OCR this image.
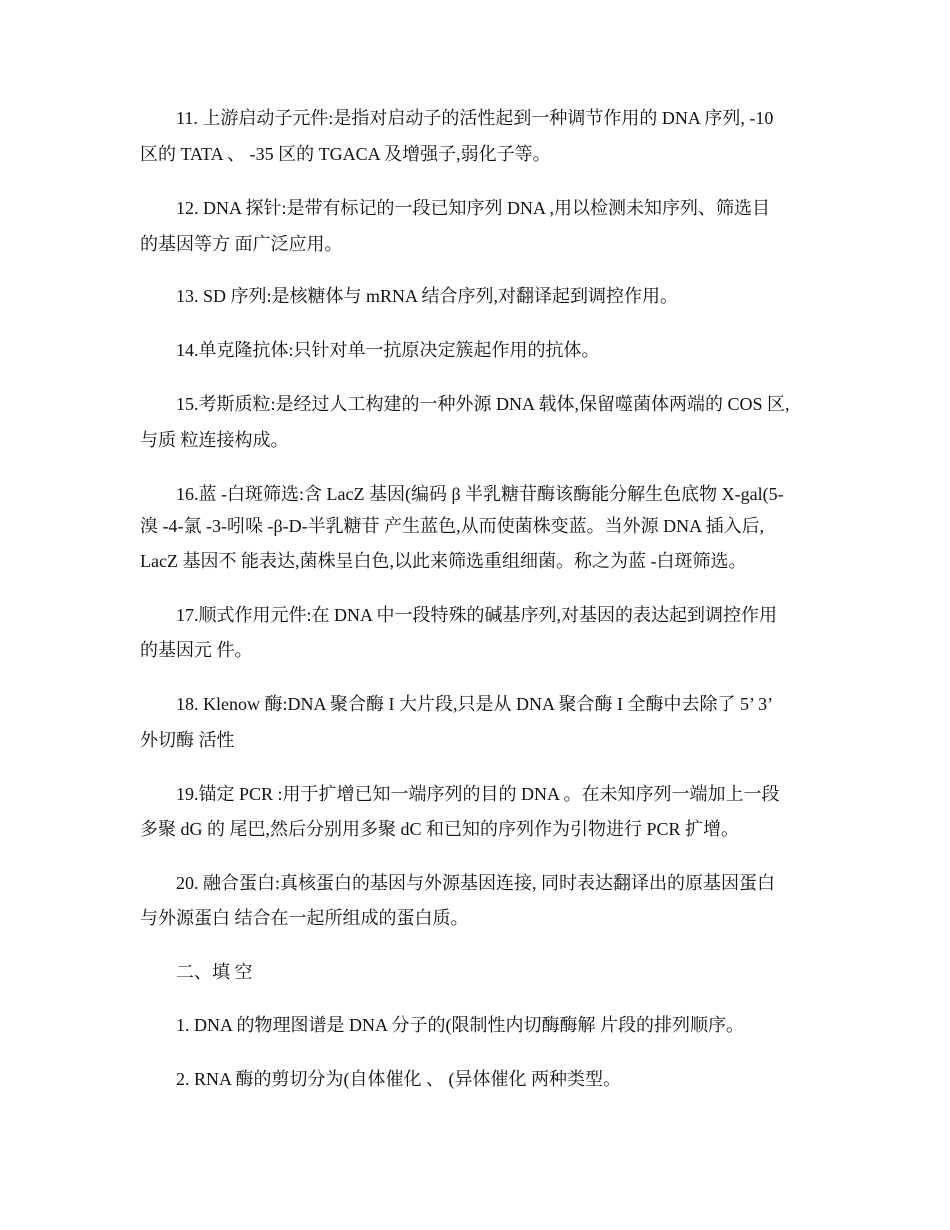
11. 上游启动子元件:是指对启动子的活性起到一种调节作用的 DNA 序列, -10
区的 TATA 、 -35 区的 TGACA 及增强子,弱化子等。
12. DNA 探针:是带有标记的一段已知序列 DNA ,用以检测未知序列、筛选目
的基因等方 面广泛应用。
13. SD 序列:是核糖体与 mRNA 结合序列,对翻译起到调控作用。
14.单克隆抗体:只针对单一抗原决定簇起作用的抗体。
15.考斯质粒:是经过人工构建的一种外源 DNA 载体,保留噬菌体两端的 COS 区,
与质 粒连接构成。
16.蓝 -白斑筛选:含 LacZ 基因(编码 β 半乳糖苷酶该酶能分解生色底物 X-gal(5-
溴 -4-氯 -3-吲哚 -β-D-半乳糖苷 产生蓝色,从而使菌株变蓝。当外源 DNA 插入后,
LacZ 基因不 能表达,菌株呈白色,以此来筛选重组细菌。称之为蓝 -白斑筛选。
17.顺式作用元件:在 DNA 中一段特殊的碱基序列,对基因的表达起到调控作用
的基因元 件。
18. Klenow 酶:DNA 聚合酶 I 大片段,只是从 DNA 聚合酶 I 全酶中去除了 5’ 3’
外切酶 活性
19.锚定 PCR :用于扩增已知一端序列的目的 DNA 。在未知序列一端加上一段
多聚 dG 的 尾巴,然后分别用多聚 dC 和已知的序列作为引物进行 PCR 扩增。
20. 融合蛋白:真核蛋白的基因与外源基因连接, 同时表达翻译出的原基因蛋白
与外源蛋白 结合在一起所组成的蛋白质。
二、填 空
1. DNA 的物理图谱是 DNA 分子的(限制性内切酶酶解 片段的排列顺序。
2. RNA 酶的剪切分为(自体催化 、 (异体催化 两种类型。
